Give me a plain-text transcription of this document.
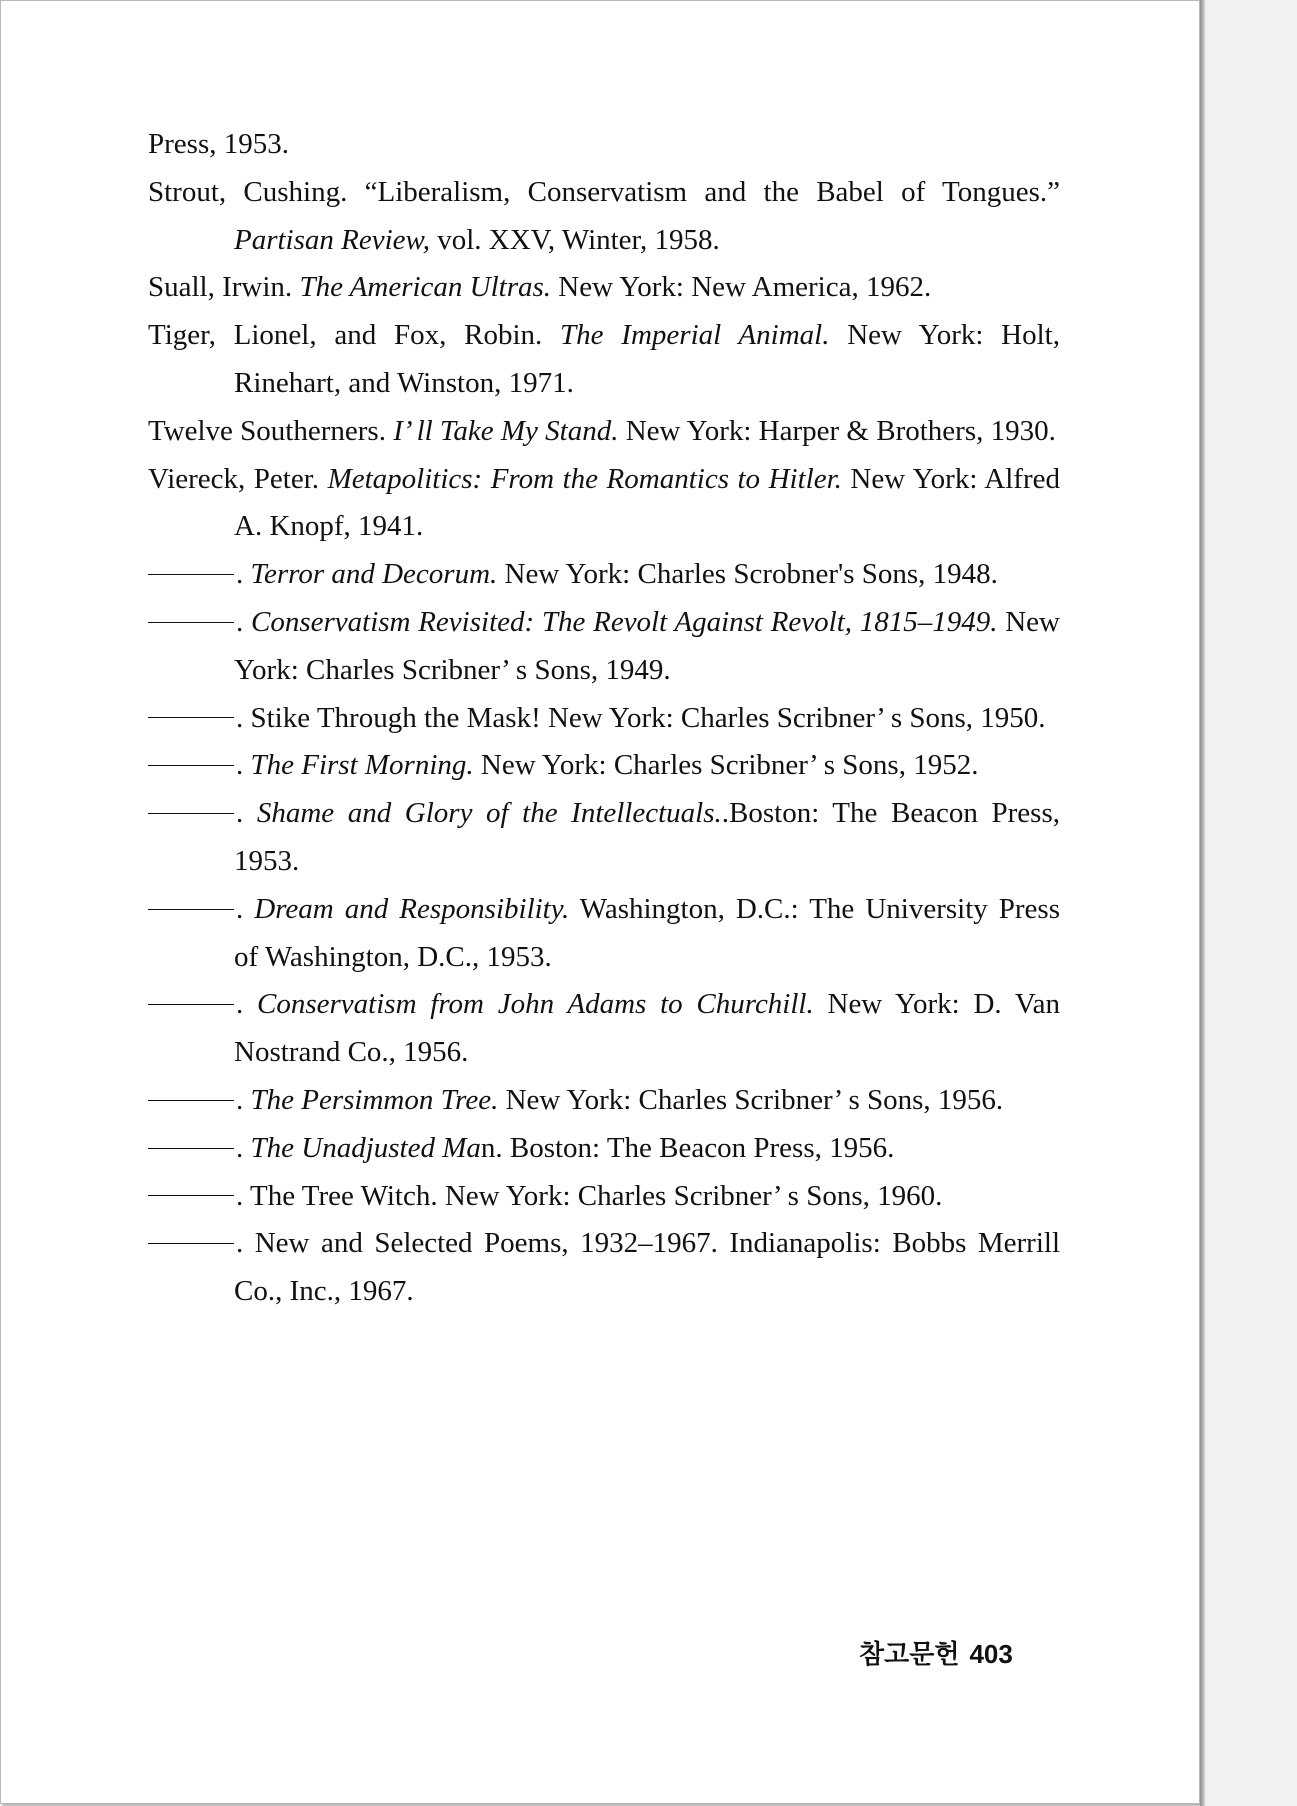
Press, 1953.

Strout, Cushing. “Liberalism, Conservatism and the Babel of Tongues.” Partisan Review, vol. XXV, Winter, 1958.

Suall, Irwin. The American Ultras. New York: New America, 1962.

Tiger, Lionel, and Fox, Robin. The Imperial Animal. New York: Holt, Rinehart, and Winston, 1971.

Twelve Southerners. I’ ll Take My Stand. New York: Harper & Brothers, 1930.

Viereck, Peter. Metapolitics: From the Romantics to Hitler. New York: Alfred A. Knopf, 1941.

. Terror and Decorum. New York: Charles Scrobner's Sons, 1948.

. Conservatism Revisited: The Revolt Against Revolt, 1815–1949. New York: Charles Scribner’ s Sons, 1949.

. Stike Through the Mask! New York: Charles Scribner’ s Sons, 1950.

. The First Morning. New York: Charles Scribner’ s Sons, 1952.

. Shame and Glory of the Intellectuals..Boston: The Beacon Press, 1953.

. Dream and Responsibility. Washington, D.C.: The University Press of Washington, D.C., 1953.

. Conservatism from John Adams to Churchill. New York: D. Van Nostrand Co., 1956.

. The Persimmon Tree. New York: Charles Scribner’ s Sons, 1956.

. The Unadjusted Man. Boston: The Beacon Press, 1956.

. The Tree Witch. New York: Charles Scribner’ s Sons, 1960.

. New and Selected Poems, 1932–1967. Indianapolis: Bobbs Merrill Co., Inc., 1967.

참고문헌 403
